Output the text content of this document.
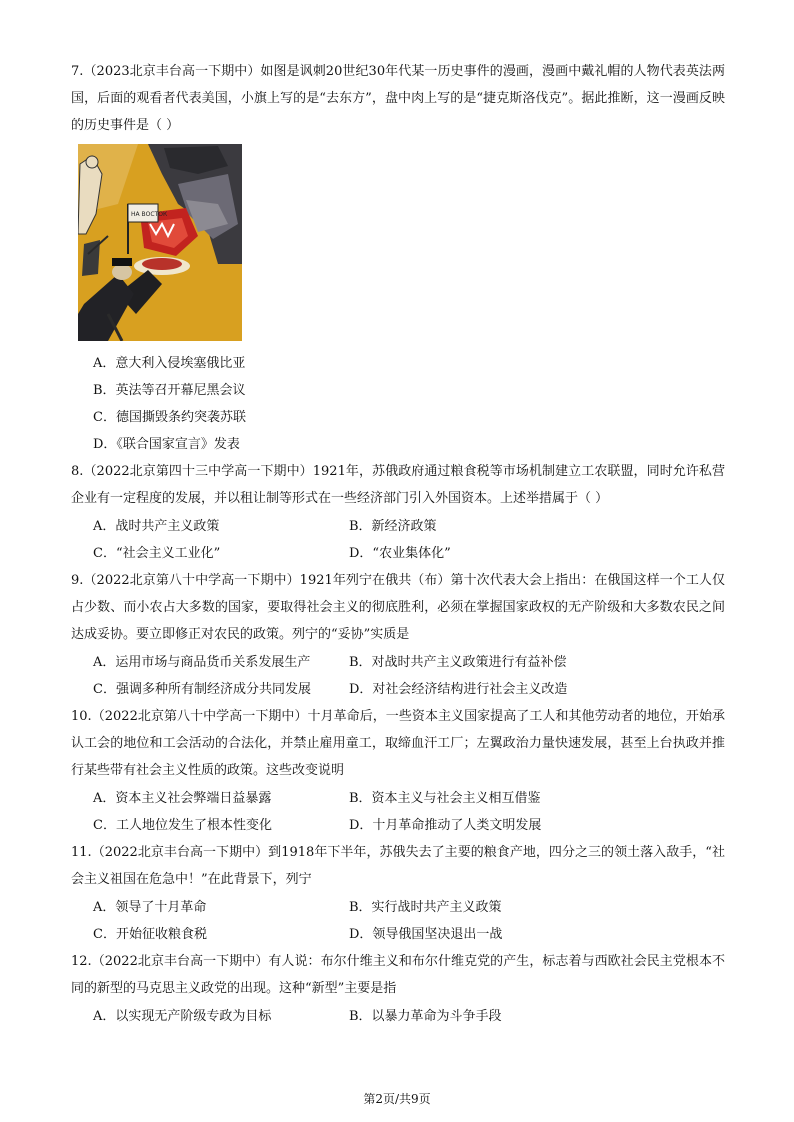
7.（2023北京丰台高一下期中）如图是讽刺20世纪30年代某一历史事件的漫画，漫画中戴礼帽的人物代表英法两国，后面的观看者代表美国，小旗上写的是“去东方”，盘中肉上写的是“捷克斯洛伐克”。据此推断，这一漫画反映的历史事件是（ ）
НА ВОСТОК
A．意大利入侵埃塞俄比亚
B．英法等召开幕尼黑会议
C．德国撕毁条约突袭苏联
D．《联合国家宣言》发表
8.（2022北京第四十三中学高一下期中）1921年，苏俄政府通过粮食税等市场机制建立工农联盟，同时允许私营企业有一定程度的发展，并以租让制等形式在一些经济部门引入外国资本。上述举措属于（ ）
A．战时共产主义政策	B．新经济政策
C．“社会主义工业化”	D．“农业集体化”
9.（2022北京第八十中学高一下期中）1921年列宁在俄共（布）第十次代表大会上指出：在俄国这样一个工人仅占少数、而小农占大多数的国家，要取得社会主义的彻底胜利，必须在掌握国家政权的无产阶级和大多数农民之间达成妥协。要立即修正对农民的政策。列宁的“妥协”实质是
A．运用市场与商品货币关系发展生产	B．对战时共产主义政策进行有益补偿
C．强调多种所有制经济成分共同发展	D．对社会经济结构进行社会主义改造
10.（2022北京第八十中学高一下期中）十月革命后，一些资本主义国家提高了工人和其他劳动者的地位，开始承认工会的地位和工会活动的合法化，并禁止雇用童工，取缔血汗工厂；左翼政治力量快速发展，甚至上台执政并推行某些带有社会主义性质的政策。这些改变说明
A．资本主义社会弊端日益暴露	B．资本主义与社会主义相互借鉴
C．工人地位发生了根本性变化	D．十月革命推动了人类文明发展
11.（2022北京丰台高一下期中）到1918年下半年，苏俄失去了主要的粮食产地，四分之三的领土落入敌手，“社会主义祖国在危急中！”在此背景下，列宁
A．领导了十月革命	B．实行战时共产主义政策
C．开始征收粮食税	D．领导俄国坚决退出一战
12.（2022北京丰台高一下期中）有人说：布尔什维主义和布尔什维克党的产生，标志着与西欧社会民主党根本不同的新型的马克思主义政党的出现。这种“新型”主要是指
A．以实现无产阶级专政为目标	B．以暴力革命为斗争手段
第2页/共9页
